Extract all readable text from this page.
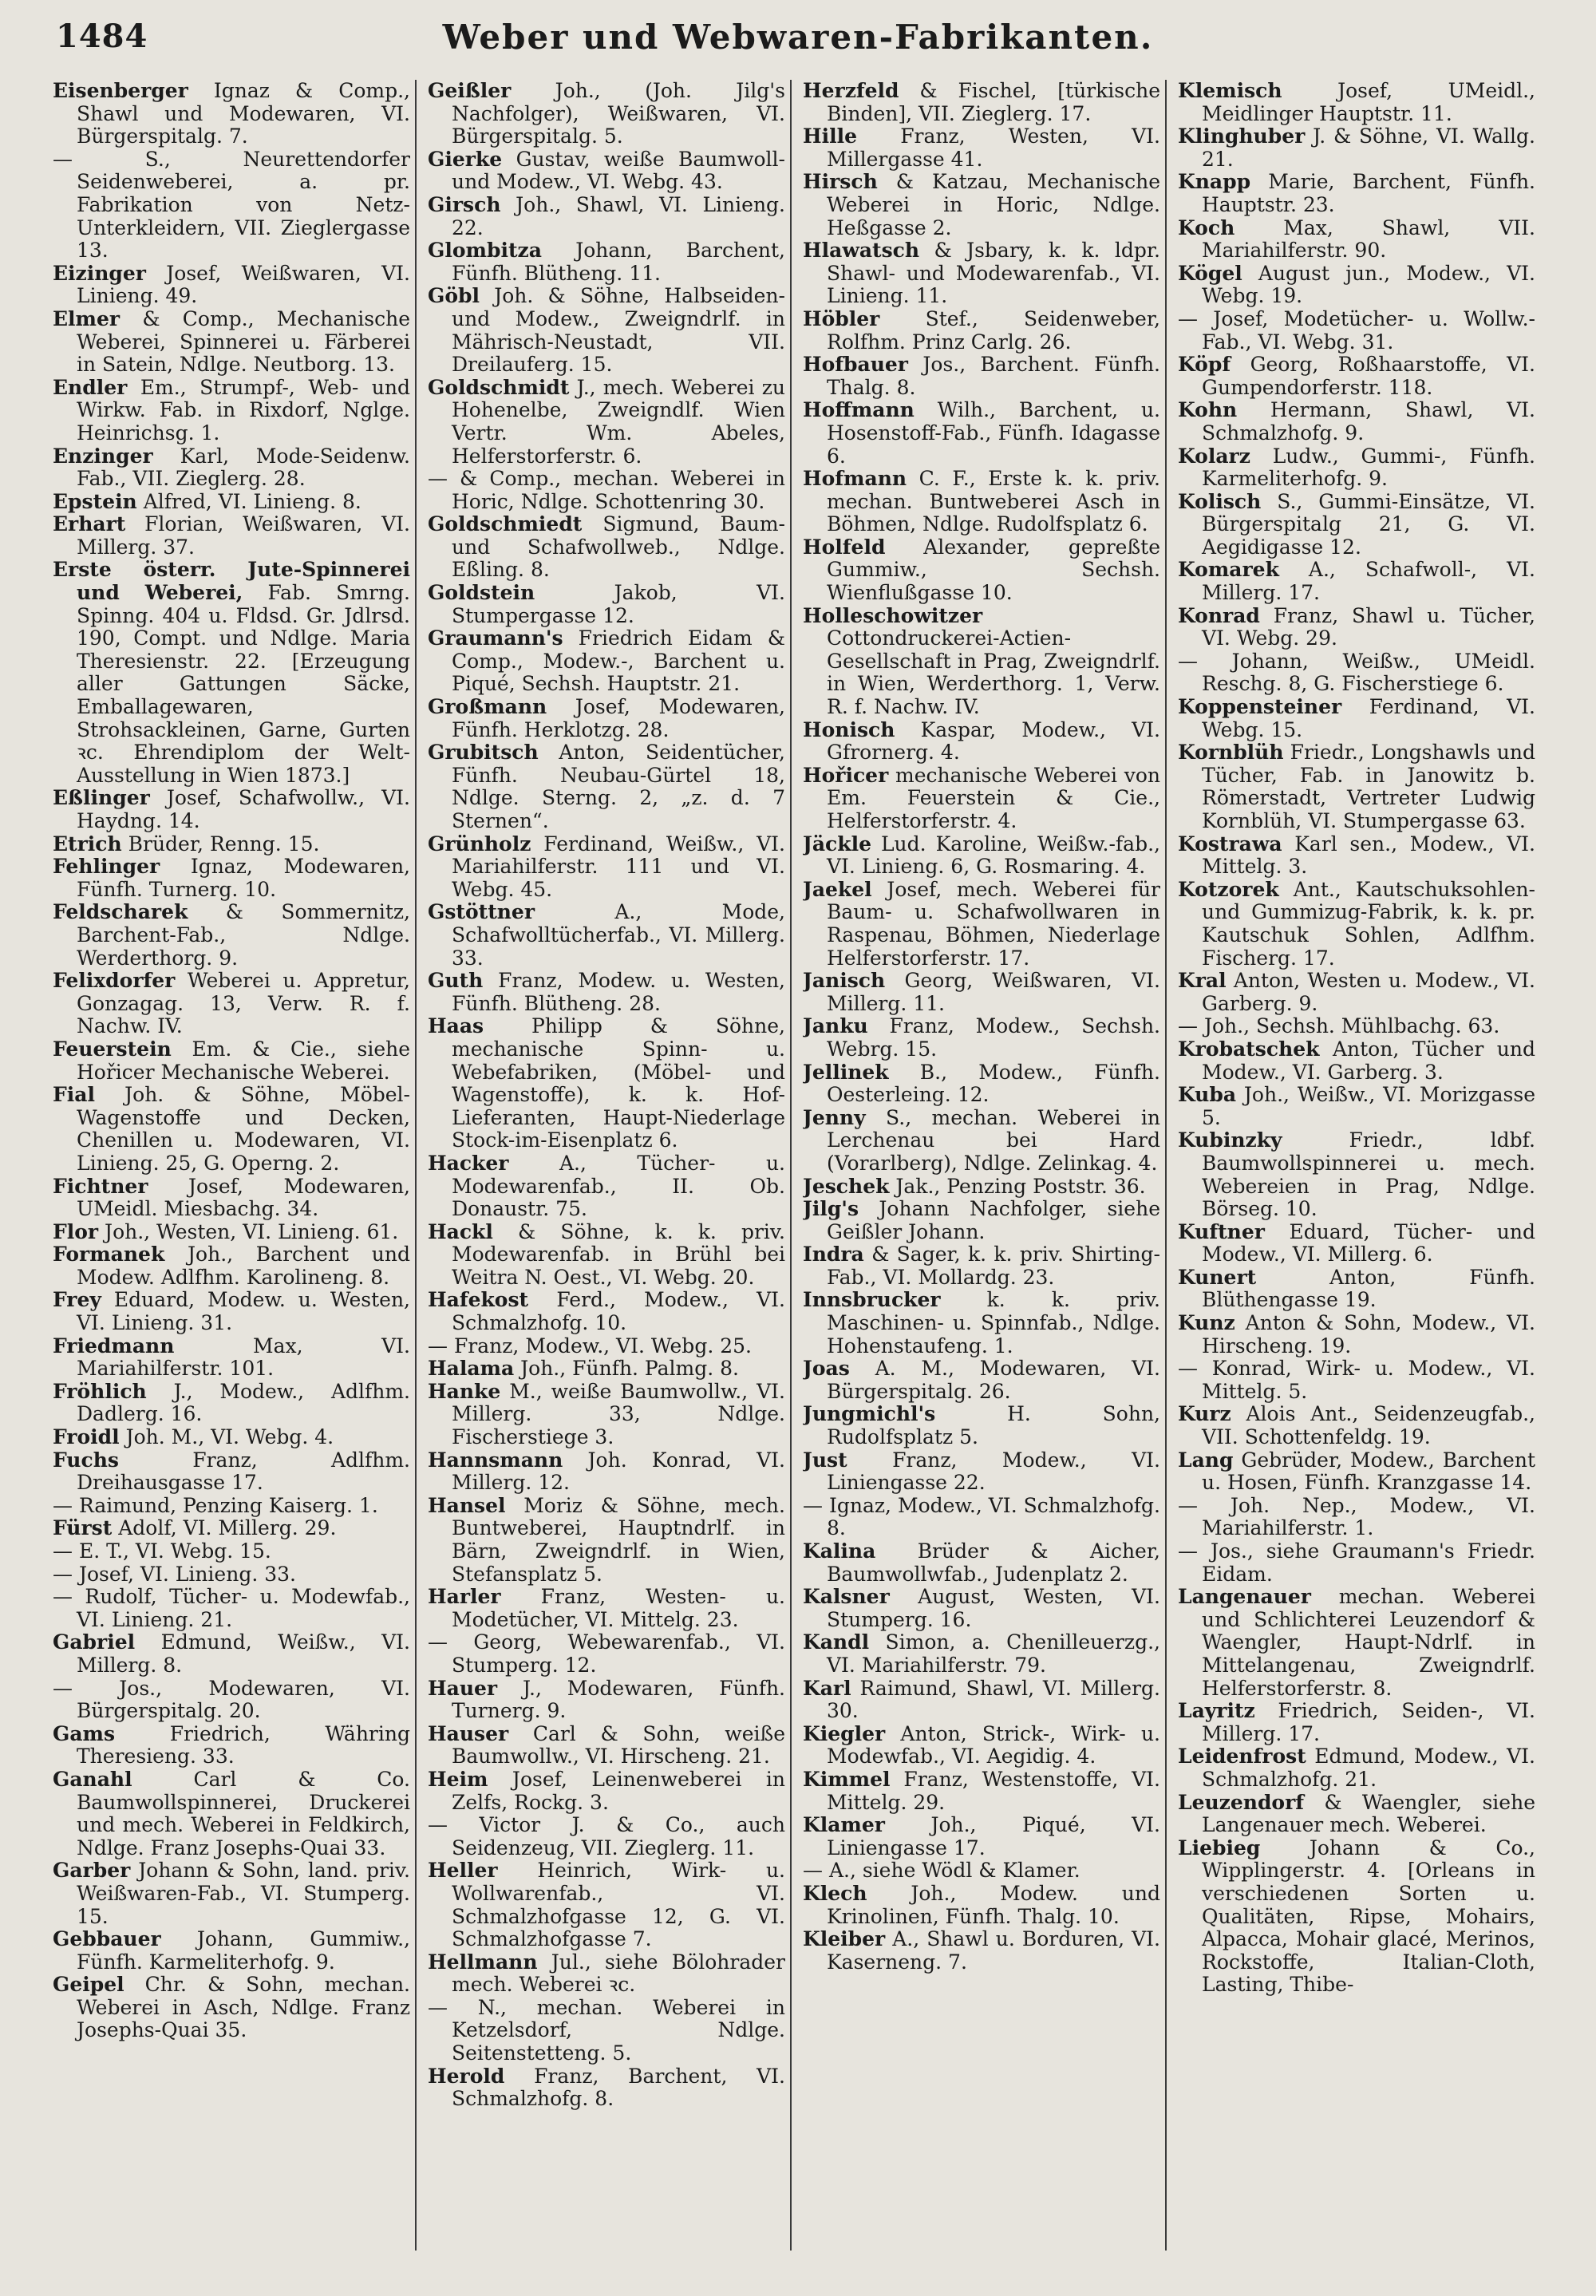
Weber und Webwaren-Fabrikanten.
1484

Eisenberger Ignaz & Comp., Shawl und Modewaren, VI. Bürgerspitalg. 7.

— S., Neurettendorfer Seidenweberei, a. pr. Fabrikation von Netz-Unterkleidern, VII. Zieglergasse 13.

Eizinger Josef, Weißwaren, VI. Linieng. 49.

Elmer & Comp., Mechanische Weberei, Spinnerei u. Färberei in Satein, Ndlge. Neutborg. 13.

Endler Em., Strumpf-, Web- und Wirkw. Fab. in Rixdorf, Nglge. Heinrichsg. 1.

Enzinger Karl, Mode-Seidenw. Fab., VII. Zieglerg. 28.

Epstein Alfred, VI. Linieng. 8.

Erhart Florian, Weißwaren, VI. Millerg. 37.

Erste österr. Jute-Spinnerei und Weberei, Fab. Smrng. Spinng. 404 u. Fldsd. Gr. Jdlrsd. 190, Compt. und Ndlge. Maria Theresienstr. 22. [Erzeugung aller Gattungen Säcke, Emballagewaren, Strohsackleinen, Garne, Gurten ꝛc. Ehrendiplom der Welt-Ausstellung in Wien 1873.]

Eßlinger Josef, Schafwollw., VI. Haydng. 14.

Etrich Brüder, Renng. 15.

Fehlinger Ignaz, Modewaren, Fünfh. Turnerg. 10.

Feldscharek & Sommernitz, Barchent-Fab., Ndlge. Werderthorg. 9.

Felixdorfer Weberei u. Appretur, Gonzagag. 13, Verw. R. f. Nachw. IV.

Feuerstein Em. & Cie., siehe Hořicer Mechanische Weberei.

Fial Joh. & Söhne, Möbel-Wagenstoffe und Decken, Chenillen u. Modewaren, VI. Linieng. 25, G. Operng. 2.

Fichtner Josef, Modewaren, UMeidl. Miesbachg. 34.

Flor Joh., Westen, VI. Linieng. 61.

Formanek Joh., Barchent und Modew. Adlfhm. Karolineng. 8.

Frey Eduard, Modew. u. Westen, VI. Linieng. 31.

Friedmann	Max, VI. Mariahilferstr. 101.

Fröhlich J., Modew., Adlfhm. Dadlerg. 16.

Froidl Joh. M., VI. Webg. 4.

Fuchs	Franz, Adlfhm. Dreihausgasse 17.

— Raimund, Penzing Kaiserg. 1.

Fürst Adolf, VI. Millerg. 29.

— E. T., VI. Webg. 15.

— Josef, VI. Linieng. 33.

— Rudolf, Tücher- u. Modewfab., VI. Linieng. 21.

Gabriel Edmund, Weißw., VI. Millerg. 8.

— Jos., Modewaren, VI. Bürgerspitalg. 20.

Gams	Friedrich, Währing Theresieng. 33.

Ganahl	Carl & Co. Baumwollspinnerei, Druckerei und mech. Weberei in Feldkirch, Ndlge. Franz Josephs-Quai 33.

Garber Johann & Sohn, land. priv. Weißwaren-Fab., VI. Stumperg. 15.

Gebbauer Johann, Gummiw., Fünfh. Karmeliterhofg. 9.

Geipel Chr. & Sohn, mechan. Weberei in Asch, Ndlge. Franz Josephs-Quai 35.

Geißler Joh., (Joh. Jilg's Nachfolger), Weißwaren, VI. Bürgerspitalg. 5.

Gierke Gustav, weiße Baumwoll- und Modew., VI. Webg. 43.

Girsch Joh., Shawl, VI. Linieng. 22.

Glombitza Johann, Barchent, Fünfh. Blütheng. 11.

Göbl Joh. & Söhne, Halbseiden- und Modew., Zweigndrlf. in Mährisch-Neustadt, VII. Dreilauferg. 15.

Goldschmidt J., mech. Weberei zu Hohenelbe, Zweigndlf. Wien Vertr. Wm. Abeles, Helferstorferstr. 6.

— & Comp., mechan. Weberei in Horic, Ndlge. Schottenring 30.

Goldschmiedt Sigmund, Baum- und Schafwollweb., Ndlge. Eßling. 8.

Goldstein	Jakob, VI. Stumpergasse 12.

Graumann's Friedrich Eidam & Comp., Modew.-, Barchent u. Piqué, Sechsh. Hauptstr. 21.

Großmann Josef, Modewaren, Fünfh. Herklotzg. 28.

Grubitsch Anton, Seidentücher, Fünfh. Neubau-Gürtel 18, Ndlge. Sterng. 2, „z. d. 7 Sternen“.

Grünholz Ferdinand, Weißw., VI. Mariahilferstr. 111 und VI. Webg. 45.

Gstöttner	A., Mode, Schafwolltücherfab., VI. Millerg. 33.

Guth Franz, Modew. u. Westen, Fünfh. Blütheng. 28.

Haas Philipp & Söhne, mechanische Spinn- u. Webefabriken, (Möbel- und Wagenstoffe), k. k. Hof-Lieferanten, Haupt-Niederlage Stock-im-Eisenplatz 6.

Hacker	A., Tücher- u. Modewarenfab., II. Ob. Donaustr. 75.

Hackl & Söhne, k. k. priv. Modewarenfab. in Brühl bei Weitra N. Oest., VI. Webg. 20.

Hafekost Ferd., Modew., VI. Schmalzhofg. 10.

— Franz, Modew., VI. Webg. 25.

Halama Joh., Fünfh. Palmg. 8.

Hanke M., weiße Baumwollw., VI. Millerg. 33, Ndlge. Fischerstiege 3.

Hannsmann Joh. Konrad, VI. Millerg. 12.

Hansel Moriz & Söhne, mech. Buntweberei, Hauptndrlf. in Bärn, Zweigndrlf. in Wien, Stefansplatz 5.

Harler Franz, Westen- u. Modetücher, VI. Mittelg. 23.

— Georg, Webewarenfab., VI. Stumperg. 12.

Hauer J., Modewaren, Fünfh. Turnerg. 9.

Hauser Carl & Sohn, weiße Baumwollw., VI. Hirscheng. 21.

Heim Josef, Leinenweberei in Zelfs, Rockg. 3.

— Victor J. & Co., auch Seidenzeug, VII. Zieglerg. 11.

Heller Heinrich, Wirk- u. Wollwarenfab., VI. Schmalzhofgasse 12, G. VI. Schmalzhofgasse 7.

Hellmann Jul., siehe Bölohrader mech. Weberei ꝛc.

— N., mechan. Weberei in Ketzelsdorf, Ndlge. Seitenstetteng. 5.

Herold Franz, Barchent, VI. Schmalzhofg. 8.

Herzfeld & Fischel, [türkische Binden], VII. Zieglerg. 17.

Hille Franz, Westen, VI. Millergasse 41.

Hirsch & Katzau, Mechanische Weberei in Horic, Ndlge. Heßgasse 2.

Hlawatsch & Jsbary, k. k. ldpr. Shawl- und Modewarenfab., VI. Linieng. 11.

Höbler Stef., Seidenweber, Rolfhm. Prinz Carlg. 26.

Hofbauer Jos., Barchent. Fünfh. Thalg. 8.

Hoffmann Wilh., Barchent, u. Hosenstoff-Fab., Fünfh. Idagasse 6.

Hofmann C. F., Erste k. k. priv. mechan. Buntweberei Asch in Böhmen, Ndlge. Rudolfsplatz 6.

Holfeld Alexander, gepreßte Gummiw., Sechsh. Wienflußgasse 10.

Holleschowitzer Cottondruckerei-Actien-Gesellschaft in Prag, Zweigndrlf. in Wien, Werderthorg. 1, Verw. R. f. Nachw. IV.

Honisch Kaspar, Modew., VI. Gfrornerg. 4.

Hořicer mechanische Weberei von Em. Feuerstein & Cie., Helferstorferstr. 4.

Jäckle Lud. Karoline, Weißw.-fab., VI. Linieng. 6, G. Rosmaring. 4.

Jaekel Josef, mech. Weberei für Baum- u. Schafwollwaren in Raspenau, Böhmen, Niederlage Helferstorferstr. 17.

Janisch Georg, Weißwaren, VI. Millerg. 11.

Janku Franz, Modew., Sechsh. Webrg. 15.

Jellinek B., Modew., Fünfh. Oesterleing. 12.

Jenny S., mechan. Weberei in Lerchenau bei Hard (Vorarlberg), Ndlge. Zelinkag. 4.

Jeschek Jak., Penzing Poststr. 36.

Jilg's Johann Nachfolger, siehe Geißler Johann.

Indra & Sager, k. k. priv. Shirting-Fab., VI. Mollardg. 23.

Innsbrucker k. k. priv. Maschinen- u. Spinnfab., Ndlge. Hohenstaufeng. 1.

Joas A. M., Modewaren, VI. Bürgerspitalg. 26.

Jungmichl's	H. Sohn, Rudolfsplatz 5.

Just Franz, Modew., VI. Liniengasse 22.

— Ignaz, Modew., VI. Schmalzhofg. 8.

Kalina Brüder & Aicher, Baumwollwfab., Judenplatz 2.

Kalsner August, Westen, VI. Stumperg. 16.

Kandl Simon, a. Chenilleuerzg., VI. Mariahilferstr. 79.

Karl Raimund, Shawl, VI. Millerg. 30.

Kiegler Anton, Strick-, Wirk- u. Modewfab., VI. Aegidig. 4.

Kimmel Franz, Westenstoffe, VI. Mittelg. 29.

Klamer Joh., Piqué, VI. Liniengasse 17.

— A., siehe Wödl & Klamer.

Klech Joh., Modew. und Krinolinen, Fünfh. Thalg. 10.

Kleiber A., Shawl u. Borduren, VI. Kaserneng. 7.

Klemisch	Josef, UMeidl., Meidlinger Hauptstr. 11.

Klinghuber J. & Söhne, VI. Wallg. 21.

Knapp Marie, Barchent, Fünfh. Hauptstr. 23.

Koch Max, Shawl, VII. Mariahilferstr. 90.

Kögel August jun., Modew., VI. Webg. 19.

— Josef, Modetücher- u. Wollw.-Fab., VI. Webg. 31.

Köpf Georg, Roßhaarstoffe, VI. Gumpendorferstr. 118.

Kohn Hermann, Shawl, VI. Schmalzhofg. 9.

Kolarz Ludw., Gummi-, Fünfh. Karmeliterhofg. 9.

Kolisch S., Gummi-Einsätze, VI. Bürgerspitalg 21, G. VI. Aegidigasse 12.

Komarek A., Schafwoll-, VI. Millerg. 17.

Konrad Franz, Shawl u. Tücher, VI. Webg. 29.

— Johann, Weißw., UMeidl. Reschg. 8, G. Fischerstiege 6.

Koppensteiner Ferdinand, VI. Webg. 15.

Kornblüh Friedr., Longshawls und Tücher, Fab. in Janowitz b. Römerstadt, Vertreter Ludwig Kornblüh, VI. Stumpergasse 63.

Kostrawa Karl sen., Modew., VI. Mittelg. 3.

Kotzorek Ant., Kautschuksohlen- und Gummizug-Fabrik, k. k. pr. Kautschuk Sohlen, Adlfhm. Fischerg. 17.

Kral Anton, Westen u. Modew., VI. Garberg. 9.

— Joh., Sechsh. Mühlbachg. 63.

Krobatschek Anton, Tücher und Modew., VI. Garberg. 3.

Kuba Joh., Weißw., VI. Morizgasse 5.

Kubinzky	Friedr., ldbf. Baumwollspinnerei u. mech. Webereien in Prag, Ndlge. Börseg. 10.

Kuftner Eduard, Tücher- und Modew., VI. Millerg. 6.

Kunert	Anton, Fünfh. Blüthengasse 19.

Kunz Anton & Sohn, Modew., VI. Hirscheng. 19.

— Konrad, Wirk- u. Modew., VI. Mittelg. 5.

Kurz Alois Ant., Seidenzeugfab., VII. Schottenfeldg. 19.

Lang Gebrüder, Modew., Barchent u. Hosen, Fünfh. Kranzgasse 14.

— Joh. Nep., Modew., VI. Mariahilferstr. 1.

— Jos., siehe Graumann's Friedr. Eidam.

Langenauer mechan. Weberei und Schlichterei Leuzendorf & Waengler, Haupt-Ndrlf. in Mittelangenau, Zweigndrlf. Helferstorferstr. 8.

Layritz Friedrich, Seiden-, VI. Millerg. 17.

Leidenfrost Edmund, Modew., VI. Schmalzhofg. 21.

Leuzendorf & Waengler, siehe Langenauer mech. Weberei.

Liebieg Johann & Co., Wipplingerstr. 4. [Orleans in verschiedenen Sorten u. Qualitäten, Ripse, Mohairs, Alpacca, Mohair glacé, Merinos, Rockstoffe, Italian-Cloth, Lasting, Thibe-
